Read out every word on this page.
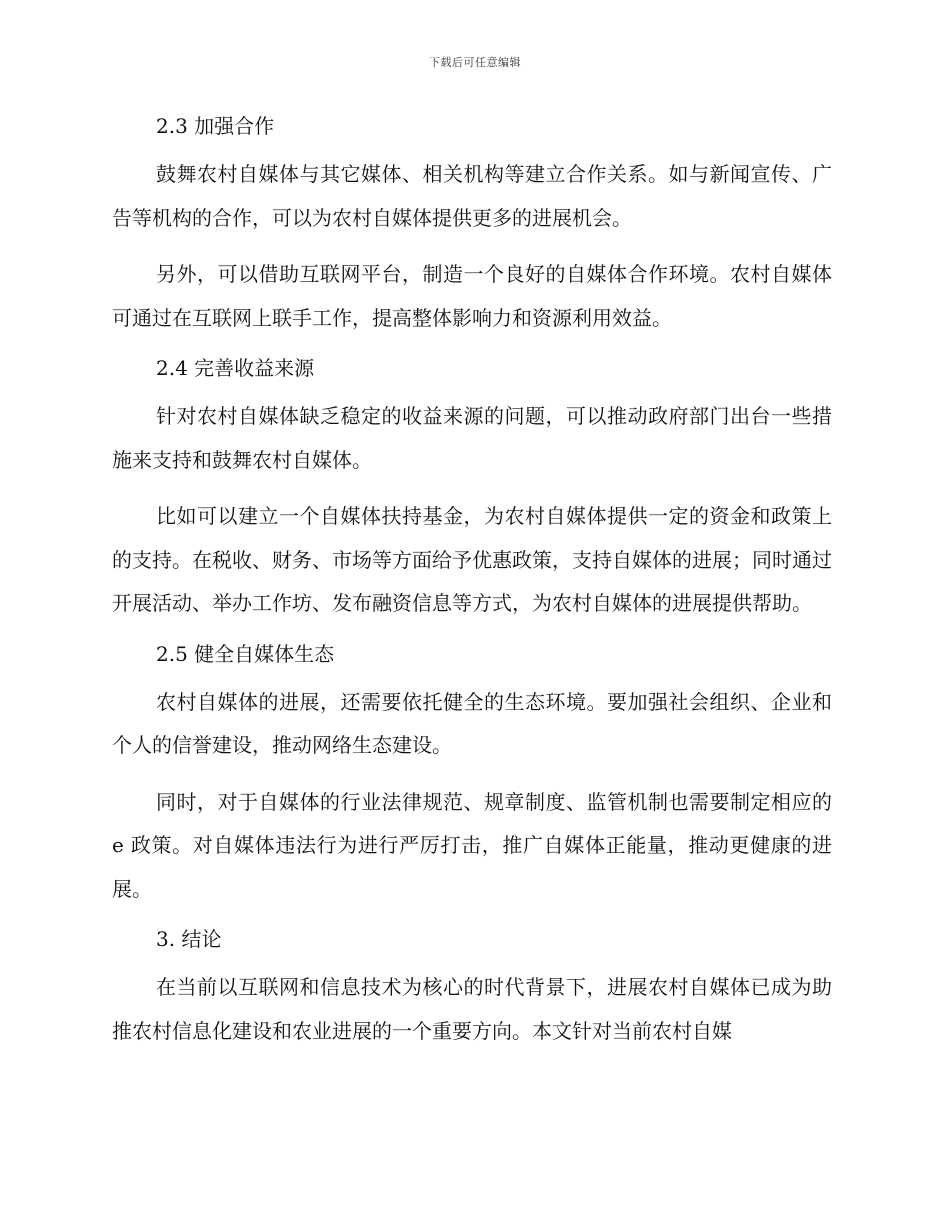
下载后可任意编辑
2.3 加强合作

鼓舞农村自媒体与其它媒体、相关机构等建立合作关系。如与新闻宣传、广告等机构的合作，可以为农村自媒体提供更多的进展机会。

另外，可以借助互联网平台，制造一个良好的自媒体合作环境。农村自媒体可通过在互联网上联手工作，提高整体影响力和资源利用效益。

2.4 完善收益来源

针对农村自媒体缺乏稳定的收益来源的问题，可以推动政府部门出台一些措施来支持和鼓舞农村自媒体。

比如可以建立一个自媒体扶持基金，为农村自媒体提供一定的资金和政策上的支持。在税收、财务、市场等方面给予优惠政策，支持自媒体的进展；同时通过开展活动、举办工作坊、发布融资信息等方式，为农村自媒体的进展提供帮助。

2.5 健全自媒体生态

农村自媒体的进展，还需要依托健全的生态环境。要加强社会组织、企业和个人的信誉建设，推动网络生态建设。

同时，对于自媒体的行业法律规范、规章制度、监管机制也需要制定相应的 e 政策。对自媒体违法行为进行严厉打击，推广自媒体正能量，推动更健康的进展。

3. 结论

在当前以互联网和信息技术为核心的时代背景下，进展农村自媒体已成为助推农村信息化建设和农业进展的一个重要方向。本文针对当前农村自媒
